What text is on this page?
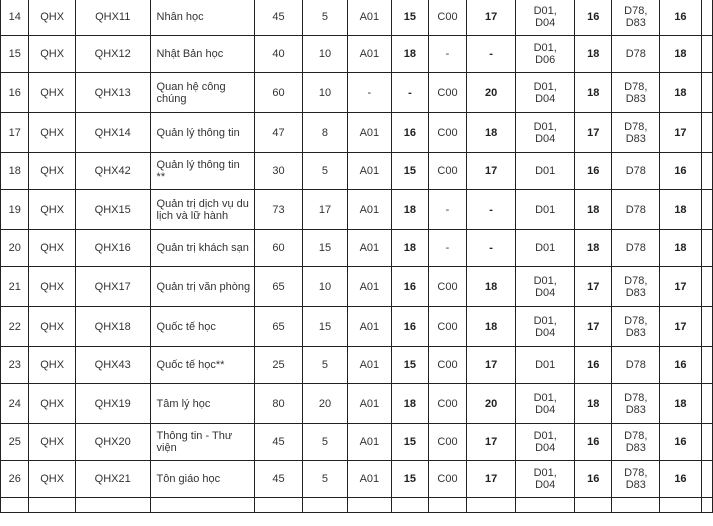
14	QHX	QHX11	Nhân học	45	5	A01	15	C00	17	D01,
D04	16	D78,
D83	16	
15	QHX	QHX12	Nhật Bản học	40	10	A01	18	-	-	D01,
D06	18	D78	18	
16	QHX	QHX13	Quan hệ công
chúng	60	10	-	-	C00	20	D01,
D04	18	D78,
D83	18	
17	QHX	QHX14	Quản lý thông tin	47	8	A01	16	C00	18	D01,
D04	17	D78,
D83	17	
18	QHX	QHX42	Quản lý thông tin **	30	5	A01	15	C00	17	D01	16	D78	16	
19	QHX	QHX15	Quản trị dịch vụ du
lịch và lữ hành	73	17	A01	18	-	-	D01	18	D78	18	
20	QHX	QHX16	Quản trị khách sạn	60	15	A01	18	-	-	D01	18	D78	18	
21	QHX	QHX17	Quản trị văn phòng	65	10	A01	16	C00	18	D01,
D04	17	D78,
D83	17	
22	QHX	QHX18	Quốc tế học	65	15	A01	16	C00	18	D01,
D04	17	D78,
D83	17	
23	QHX	QHX43	Quốc tế học**	25	5	A01	15	C00	17	D01	16	D78	16	
24	QHX	QHX19	Tâm lý học	80	20	A01	18	C00	20	D01,
D04	18	D78,
D83	18	
25	QHX	QHX20	Thông tin - Thư
viện	45	5	A01	15	C00	17	D01,
D04	16	D78,
D83	16	
26	QHX	QHX21	Tôn giáo học	45	5	A01	15	C00	17	D01,
D04	16	D78,
D83	16	
